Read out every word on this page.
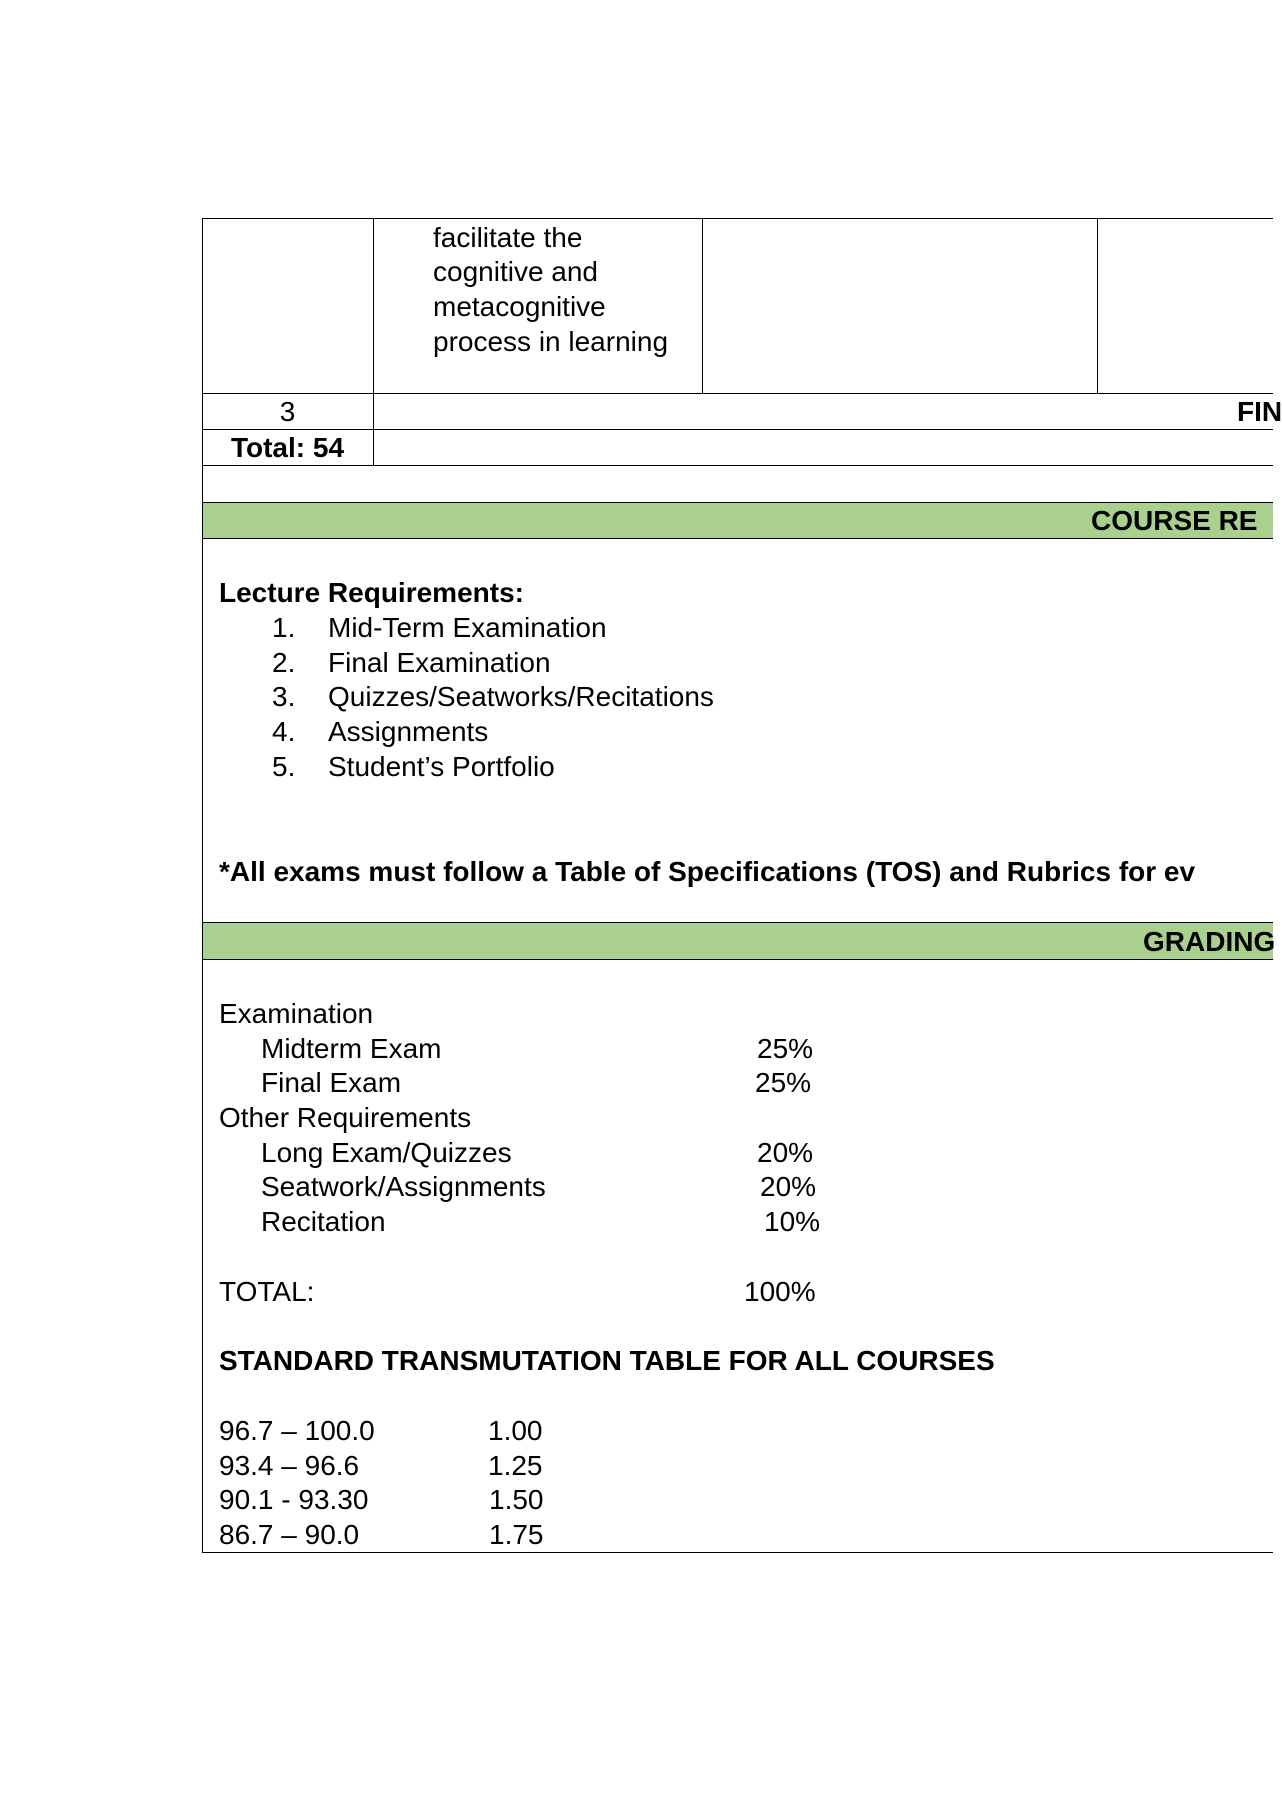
facilitate the
cognitive and
metacognitive
process in learning
3	FIN
Total: 54
COURSE RE
Lecture Requirements:
1. Mid-Term Examination
2. Final Examination
3. Quizzes/Seatworks/Recitations
4. Assignments
5. Student’s Portfolio
*All exams must follow a Table of Specifications (TOS) and Rubrics for ev
GRADING
Examination
Midterm Exam	25%
Final Exam	25%
Other Requirements
Long Exam/Quizzes	20%
Seatwork/Assignments	20%
Recitation	10%
TOTAL:	100%
STANDARD TRANSMUTATION TABLE FOR ALL COURSES
96.7 – 100.0	1.00
93.4 – 96.6	1.25
90.1 - 93.30	1.50
86.7 – 90.0	1.75
